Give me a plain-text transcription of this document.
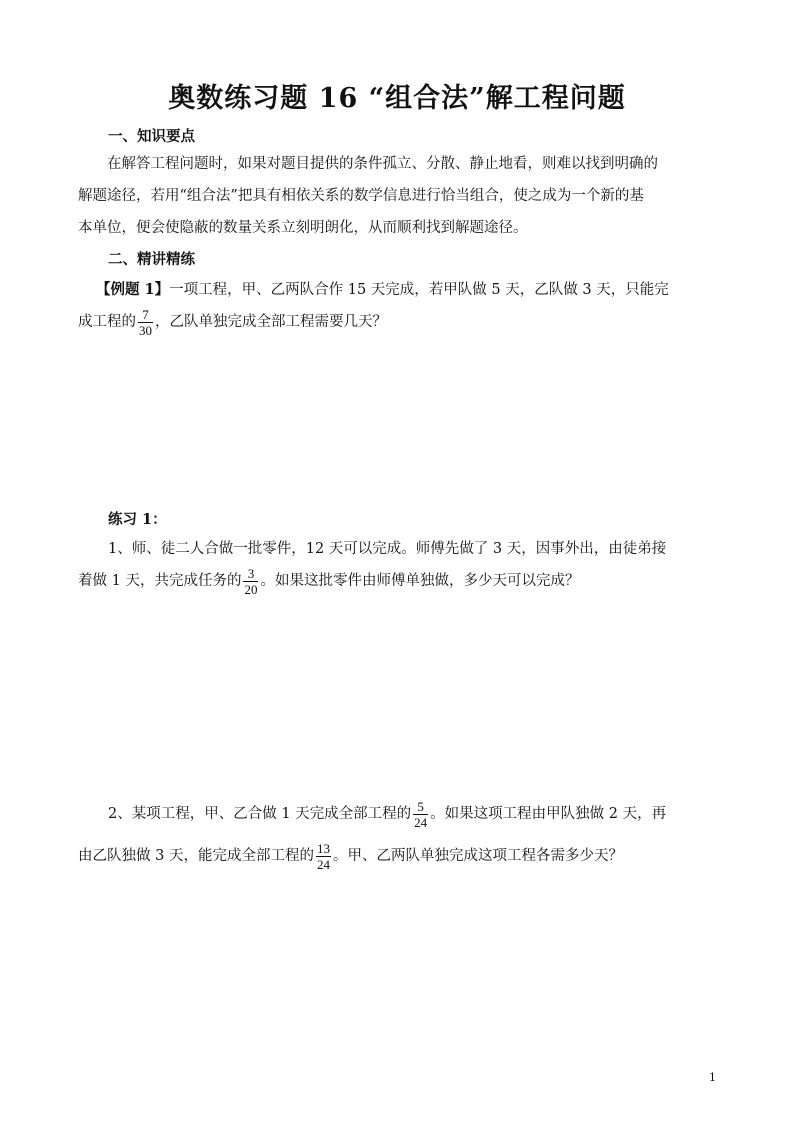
奥数练习题 16 “组合法”解工程问题
一、知识要点
　　在解答工程问题时，如果对题目提供的条件孤立、分散、静止地看，则难以找到明确的
解题途径，若用“组合法”把具有相依关系的数学信息进行恰当组合，使之成为一个新的基
本单位，便会使隐蔽的数量关系立刻明朗化，从而顺利找到解题途径。
二、精讲精练
【例题 1】一项工程，甲、乙两队合作 15 天完成，若甲队做 5 天，乙队做 3 天，只能完
成工程的 $\frac{7}{30}$ ，乙队单独完成全部工程需要几天？
练习 1：
1、师、徒二人合做一批零件，12 天可以完成。师傅先做了 3 天，因事外出，由徒弟接
着做 1 天，共完成任务的 $\frac{3}{20}$ 。如果这批零件由师傅单独做，多少天可以完成？
2、某项工程，甲、乙合做 1 天完成全部工程的 $\frac{5}{24}$ 。如果这项工程由甲队独做 2 天，再
由乙队独做 3 天，能完成全部工程的 $\frac{13}{24}$ 。甲、乙两队单独完成这项工程各需多少天？
1
